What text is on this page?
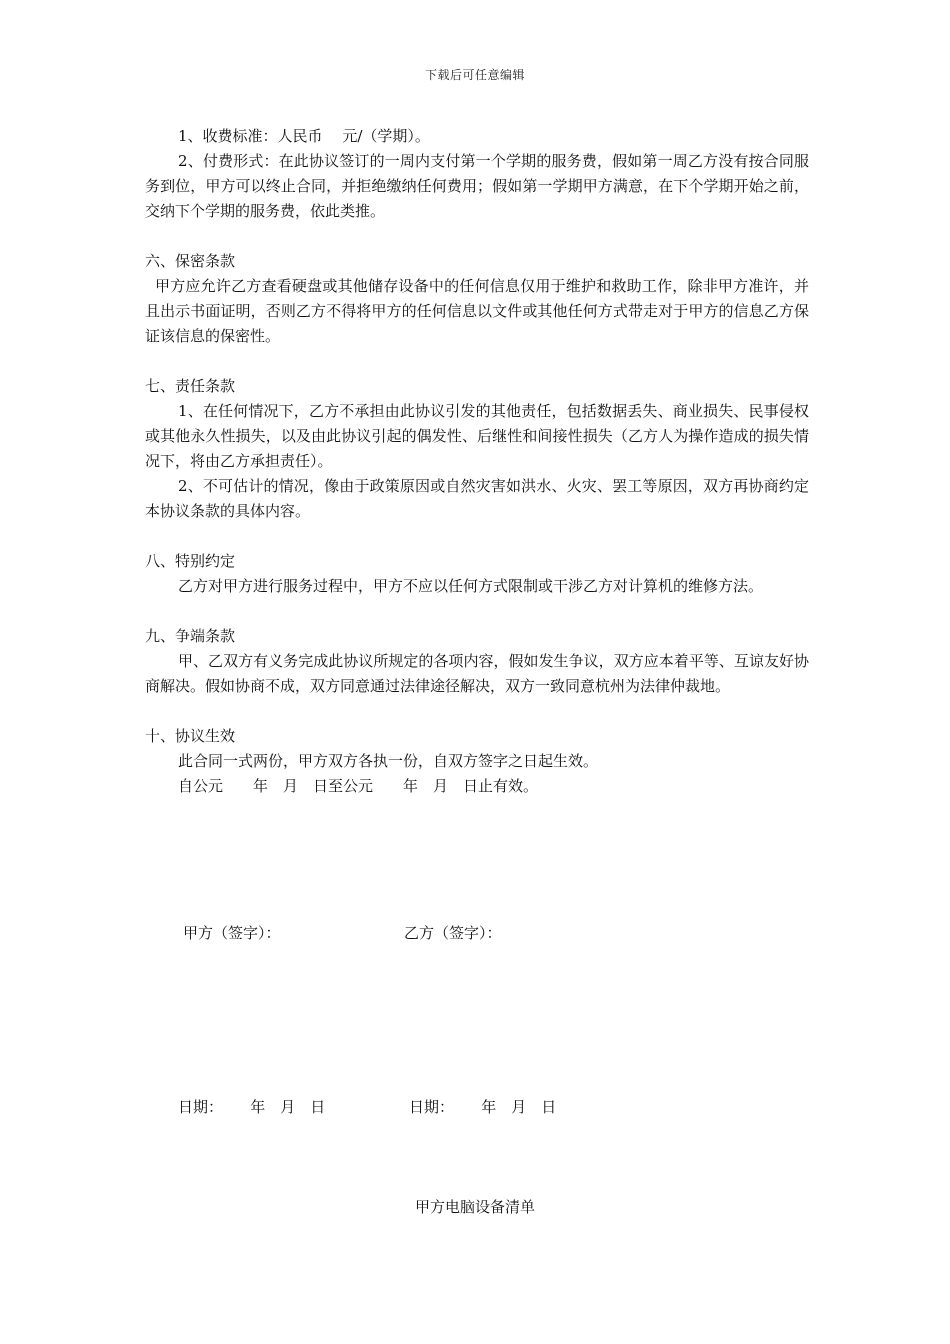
下载后可任意编辑

1、收费标准：人民币　 元/（学期）。

2、付费形式：在此协议签订的一周内支付第一个学期的服务费，假如第一周乙方没有按合同服务到位，甲方可以终止合同，并拒绝缴纳任何费用；假如第一学期甲方满意，在下个学期开始之前，交纳下个学期的服务费，依此类推。

六、保密条款

甲方应允许乙方查看硬盘或其他储存设备中的任何信息仅用于维护和救助工作，除非甲方准许，并且出示书面证明，否则乙方不得将甲方的任何信息以文件或其他任何方式带走对于甲方的信息乙方保证该信息的保密性。

七、责任条款

1、在任何情况下，乙方不承担由此协议引发的其他责任，包括数据丢失、商业损失、民事侵权或其他永久性损失，以及由此协议引起的偶发性、后继性和间接性损失（乙方人为操作造成的损失情况下，将由乙方承担责任）。

2、不可估计的情况，像由于政策原因或自然灾害如洪水、火灾、罢工等原因，双方再协商约定本协议条款的具体内容。

八、特别约定

乙方对甲方进行服务过程中，甲方不应以任何方式限制或干涉乙方对计算机的维修方法。

九、争端条款

甲、乙双方有义务完成此协议所规定的各项内容，假如发生争议，双方应本着平等、互谅友好协商解决。假如协商不成，双方同意通过法律途径解决，双方一致同意杭州为法律仲裁地。

十、协议生效

此合同一式两份，甲方双方各执一份，自双方签字之日起生效。

自公元　　年　月　日至公元　　年　月　日止有效。

甲方（签字）：	乙方（签字）：
日期：　　 年　月　日	日期：　　 年　月　日
甲方电脑设备清单
